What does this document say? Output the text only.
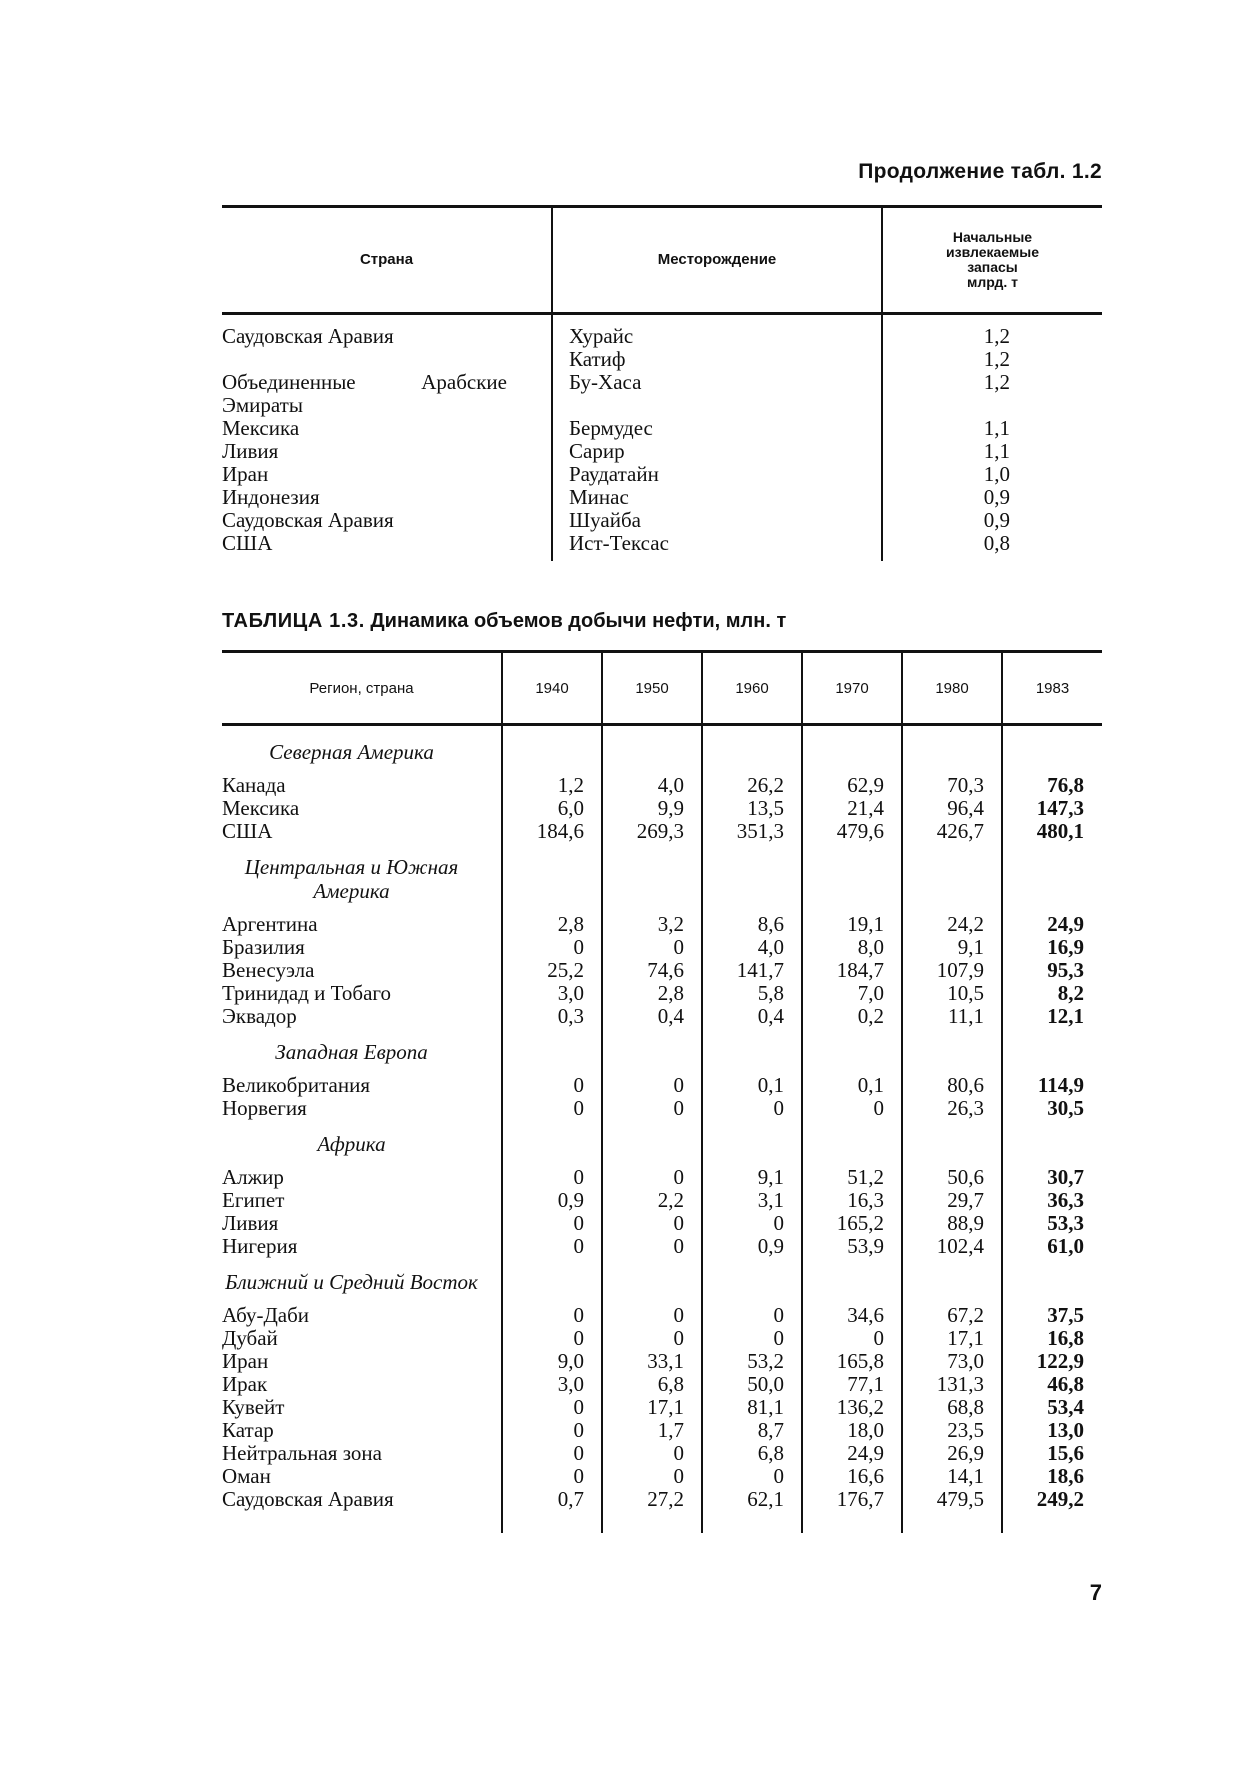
Продолжение табл. 1.2
Страна	Месторождение	Начальные
извлекаемые
запасы
млрд. т

Саудовская Аравия	Хурайс	1,2
	Катиф	1,2

Объединенные Арабские	Бу-Хаса	1,2
Эмираты		
Мексика	Бермудес	1,1
Ливия	Сарир	1,1
Иран	Раудатайн	1,0
Индонезия	Минас	0,9
Саудовская Аравия	Шуайба	0,9
США	Ист-Тексас	0,8
ТАБЛИЦА 1.3. Динамика объемов добычи нефти, млн. т
Регион, страна	1940	1950	1960	1970	1980	1983
Северная Америка						
Канада	1,2	4,0	26,2	62,9	70,3	76,8
Мексика	6,0	9,9	13,5	21,4	96,4	147,3
США	184,6	269,3	351,3	479,6	426,7	480,1
Центральная и Южная Америка						
Аргентина	2,8	3,2	8,6	19,1	24,2	24,9
Бразилия	0	0	4,0	8,0	9,1	16,9
Венесуэла	25,2	74,6	141,7	184,7	107,9	95,3
Тринидад и Тобаго	3,0	2,8	5,8	7,0	10,5	8,2
Эквадор	0,3	0,4	0,4	0,2	11,1	12,1
Западная Европа						
Великобритания	0	0	0,1	0,1	80,6	114,9
Норвегия	0	0	0	0	26,3	30,5
Африка						
Алжир	0	0	9,1	51,2	50,6	30,7
Египет	0,9	2,2	3,1	16,3	29,7	36,3
Ливия	0	0	0	165,2	88,9	53,3
Нигерия	0	0	0,9	53,9	102,4	61,0
Ближний и Средний Восток						
Абу-Даби	0	0	0	34,6	67,2	37,5
Дубай	0	0	0	0	17,1	16,8
Иран	9,0	33,1	53,2	165,8	73,0	122,9
Ирак	3,0	6,8	50,0	77,1	131,3	46,8
Кувейт	0	17,1	81,1	136,2	68,8	53,4
Катар	0	1,7	8,7	18,0	23,5	13,0
Нейтральная зона	0	0	6,8	24,9	26,9	15,6
Оман	0	0	0	16,6	14,1	18,6
Саудовская Аравия	0,7	27,2	62,1	176,7	479,5	249,2
7
